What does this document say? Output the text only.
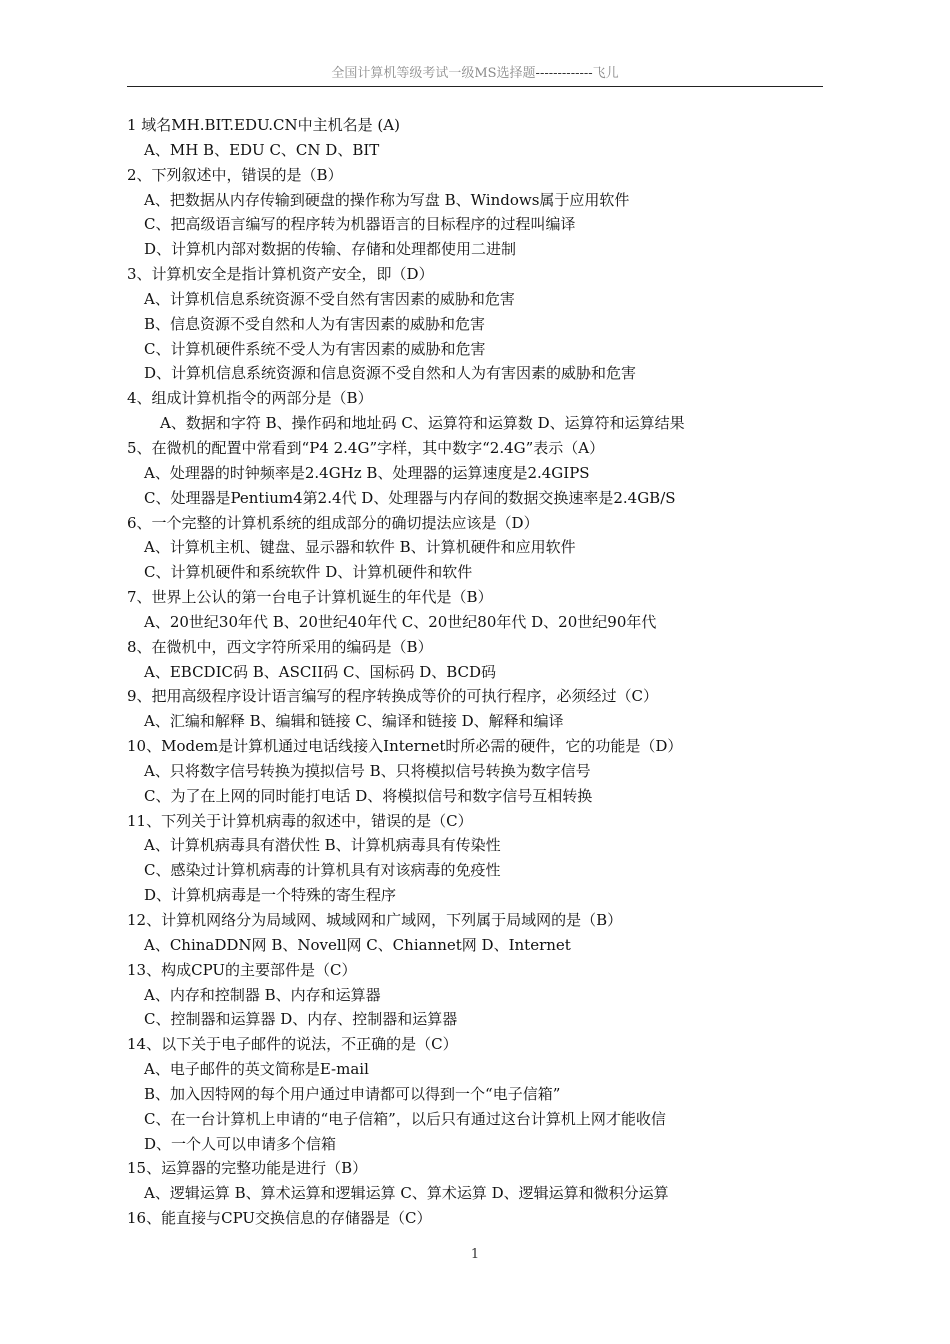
全国计算机等级考试一级MS选择题-------------飞儿
1 域名MH.BIT.EDU.CN中主机名是 (A)
A、MH B、EDU C、CN D、BIT
2、下列叙述中，错误的是（B）
A、把数据从内存传输到硬盘的操作称为写盘 B、Windows属于应用软件
C、把高级语言编写的程序转为机器语言的目标程序的过程叫编译
D、计算机内部对数据的传输、存储和处理都使用二进制
3、计算机安全是指计算机资产安全，即（D）
A、计算机信息系统资源不受自然有害因素的威胁和危害
B、信息资源不受自然和人为有害因素的威胁和危害
C、计算机硬件系统不受人为有害因素的威胁和危害
D、计算机信息系统资源和信息资源不受自然和人为有害因素的威胁和危害
4、组成计算机指令的两部分是（B）
A、数据和字符 B、操作码和地址码 C、运算符和运算数 D、运算符和运算结果
5、在微机的配置中常看到“P4 2.4G”字样，其中数字“2.4G”表示（A）
A、处理器的时钟频率是2.4GHz B、处理器的运算速度是2.4GIPS
C、处理器是Pentium4第2.4代 D、处理器与内存间的数据交换速率是2.4GB/S
6、一个完整的计算机系统的组成部分的确切提法应该是（D）
A、计算机主机、键盘、显示器和软件 B、计算机硬件和应用软件
C、计算机硬件和系统软件 D、计算机硬件和软件
7、世界上公认的第一台电子计算机诞生的年代是（B）
A、20世纪30年代 B、20世纪40年代 C、20世纪80年代 D、20世纪90年代
8、在微机中，西文字符所采用的编码是（B）
A、EBCDIC码 B、ASCII码 C、国标码 D、BCD码
9、把用高级程序设计语言编写的程序转换成等价的可执行程序，必须经过（C）
A、汇编和解释 B、编辑和链接 C、编译和链接 D、解释和编译
10、Modem是计算机通过电话线接入Internet时所必需的硬件，它的功能是（D）
A、只将数字信号转换为摸拟信号 B、只将模拟信号转换为数字信号
C、为了在上网的同时能打电话 D、将模拟信号和数字信号互相转换
11、下列关于计算机病毒的叙述中，错误的是（C）
A、计算机病毒具有潜伏性 B、计算机病毒具有传染性
C、感染过计算机病毒的计算机具有对该病毒的免疫性
D、计算机病毒是一个特殊的寄生程序
12、计算机网络分为局域网、城域网和广域网，下列属于局域网的是（B）
A、ChinaDDN网 B、Novell网 C、Chiannet网 D、Internet
13、构成CPU的主要部件是（C）
A、内存和控制器 B、内存和运算器
C、控制器和运算器 D、内存、控制器和运算器
14、以下关于电子邮件的说法，不正确的是（C）
A、电子邮件的英文简称是E-mail
B、加入因特网的每个用户通过申请都可以得到一个“电子信箱”
C、在一台计算机上申请的“电子信箱”，以后只有通过这台计算机上网才能收信
D、一个人可以申请多个信箱
15、运算器的完整功能是进行（B）
A、逻辑运算 B、算术运算和逻辑运算 C、算术运算 D、逻辑运算和微积分运算
16、能直接与CPU交换信息的存储器是（C）
1
